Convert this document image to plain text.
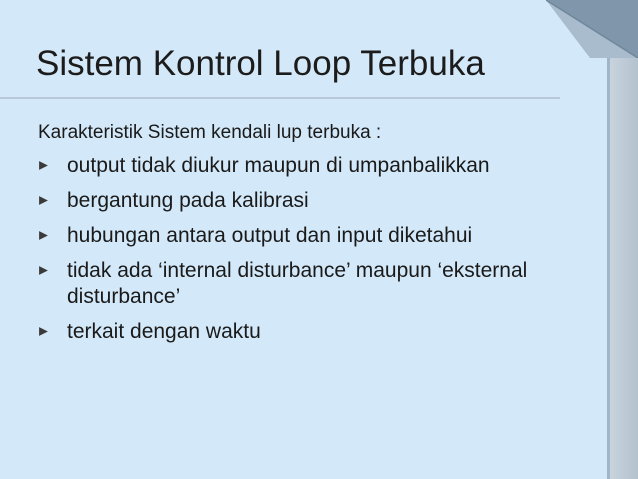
Sistem Kontrol Loop Terbuka
Karakteristik Sistem kendali lup terbuka :
output tidak diukur maupun di umpanbalikkan
bergantung pada kalibrasi
hubungan antara output dan input diketahui
tidak ada ‘internal disturbance’ maupun ‘eksternal disturbance’
terkait dengan waktu
